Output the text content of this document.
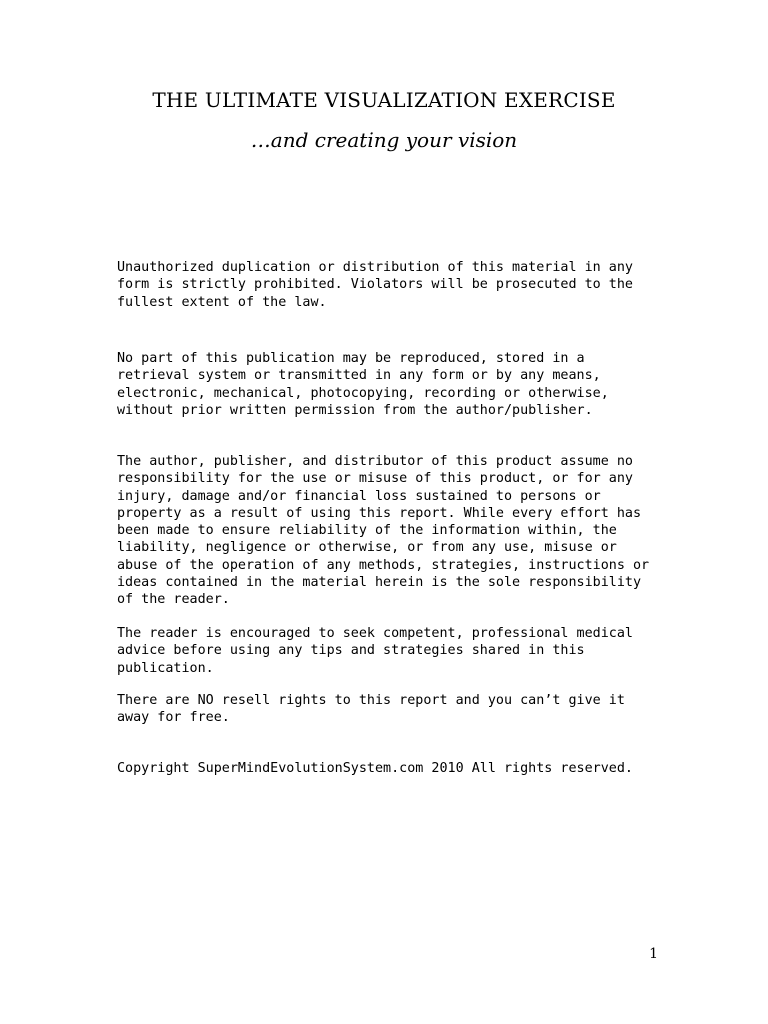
THE ULTIMATE VISUALIZATION EXERCISE

…and creating your vision

Unauthorized duplication or distribution of this material in any form is strictly prohibited. Violators will be prosecuted to the fullest extent of the law.

No part of this publication may be reproduced, stored in a retrieval system or transmitted in any form or by any means, electronic, mechanical, photocopying, recording or otherwise, without prior written permission from the author/publisher.

The author, publisher, and distributor of this product assume no responsibility for the use or misuse of this product, or for any injury, damage and/or financial loss sustained to persons or property as a result of using this report. While every effort has been made to ensure reliability of the information within, the liability, negligence or otherwise, or from any use, misuse or abuse of the operation of any methods, strategies, instructions or ideas contained in the material herein is the sole responsibility of the reader.

The reader is encouraged to seek competent, professional medical advice before using any tips and strategies shared in this publication.

There are NO resell rights to this report and you can’t give it away for free.

Copyright SuperMindEvolutionSystem.com 2010 All rights reserved.

1
